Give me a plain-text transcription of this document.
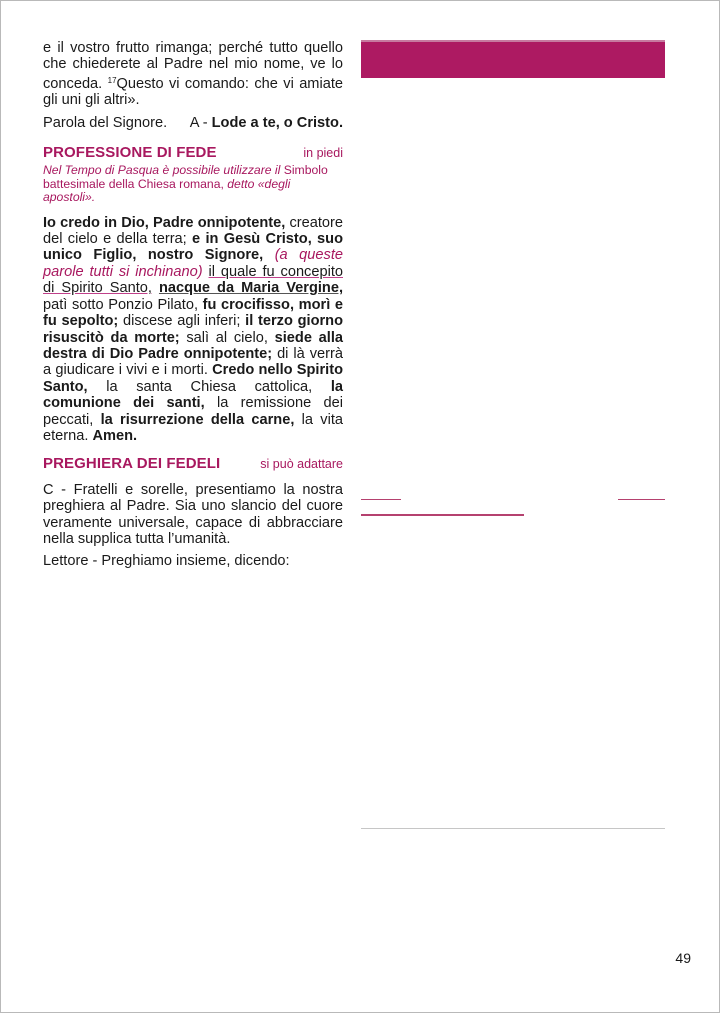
e il vostro frutto rimanga; perché tutto quello che chiederete al Padre nel mio nome, ve lo conceda. $^{17}$Questo vi comando: che vi amiate gli uni gli altri».

Parola del Signore. A - Lode a te, o Cristo.
PROFESSIONE DI FEDE	in piedi

Nel Tempo di Pasqua è possibile utilizzare il Simbolo battesimale della Chiesa romana, detto «degli apostoli».

Io credo in Dio, Padre onnipotente, creatore del cielo e della terra; e in Gesù Cristo, suo unico Figlio, nostro Signore, (a queste parole tutti si inchinano) il quale fu concepito di Spirito Santo, nacque da Maria Vergine, patì sotto Ponzio Pilato, fu crocifisso, morì e fu sepolto; discese agli inferi; il terzo giorno risuscitò da morte; salì al cielo, siede alla destra di Dio Padre onnipotente; di là verrà a giudicare i vivi e i morti. Credo nello Spirito Santo, la santa Chiesa cattolica, la comunione dei santi, la remissione dei peccati, la risurrezione della carne, la vita eterna. Amen.

PREGHIERA DEI FEDELI	si può adattare

C - Fratelli e sorelle, presentiamo la nostra preghiera al Padre. Sia uno slancio del cuore veramente universale, capace di abbracciare nella supplica tutta l’umanità.

Lettore - Preghiamo insieme, dicendo:

49
